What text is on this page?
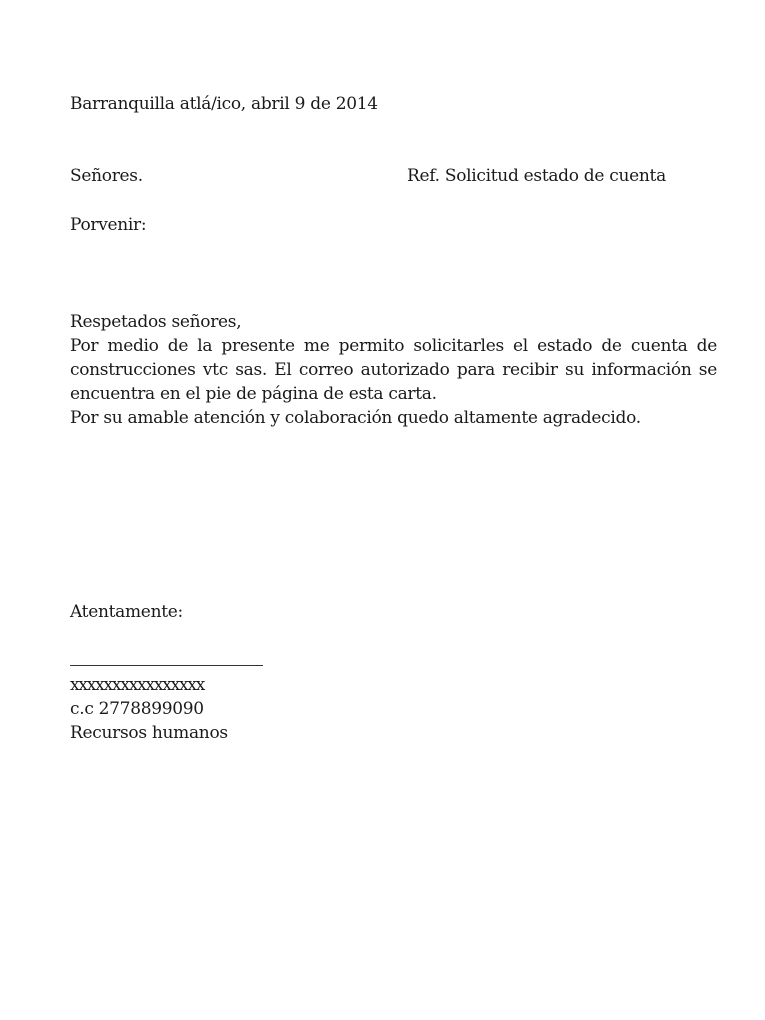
Barranquilla atlá/ico, abril 9 de 2014
Señores.	Ref. Solicitud estado de cuenta
Porvenir:
Respetados señores,

Por medio de la presente me permito solicitarles el estado de cuenta de construcciones vtc sas. El correo autorizado para recibir su información se encuentra en el pie de página de esta carta.

Por su amable atención y colaboración quedo altamente agradecido.

Atentamente:
xxxxxxxxxxxxxxxx
c.c 2778899090
Recursos humanos
